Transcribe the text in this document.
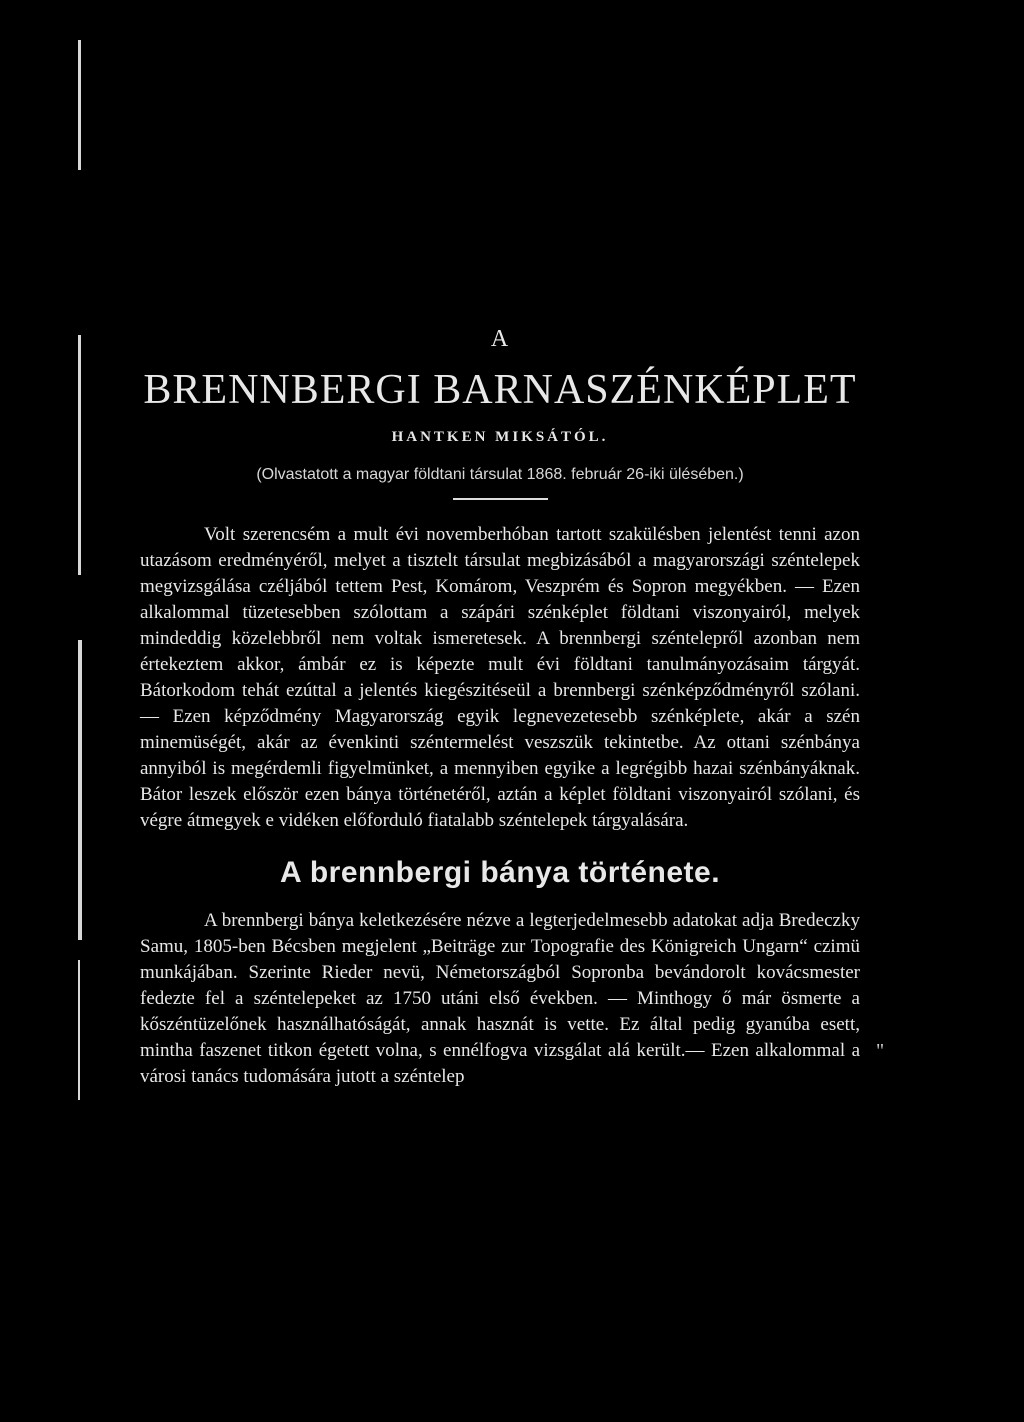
"
A
BRENNBERGI BARNASZÉNKÉPLET
HANTKEN MIKSÁTÓL.
(Olvastatott a magyar földtani társulat 1868. február 26-iki ülésében.)

Volt szerencsém a mult évi novemberhóban tartott szakülésben jelentést tenni azon utazásom eredményéről, melyet a tisztelt társulat megbizásából a magyarországi széntelepek megvizsgálása czéljából tettem Pest, Komárom, Veszprém és Sopron megyékben. — Ezen alkalommal tüzetesebben szólottam a szápári szénképlet földtani viszonyairól, melyek mindeddig közelebbről nem voltak ismeretesek. A brennbergi széntelepről azonban nem értekeztem akkor, ámbár ez is képezte mult évi földtani tanulmányozásaim tárgyát. Bátorkodom tehát ezúttal a jelentés kiegészitéseül a brennbergi szénképződményről szólani. — Ezen képződmény Magyarország egyik legnevezetesebb szénképlete, akár a szén minemüségét, akár az évenkinti széntermelést veszszük tekintetbe. Az ottani szénbánya annyiból is megérdemli figyelmünket, a mennyiben egyike a legrégibb hazai szénbányáknak. Bátor leszek először ezen bánya történetéről, aztán a képlet földtani viszonyairól szólani, és végre átmegyek e vidéken előforduló fiatalabb széntelepek tárgyalására.

A brennbergi bánya története.

A brennbergi bánya keletkezésére nézve a legterjedelmesebb adatokat adja Bredeczky Samu, 1805-ben Bécsben megjelent „Beiträge zur Topografie des Königreich Ungarn“ czimü munkájában. Szerinte Rieder nevü, Németországból Sopronba bevándorolt kovácsmester fedezte fel a széntelepeket az 1750 utáni első években. — Minthogy ő már ösmerte a kőszéntüzelőnek használhatóságát, annak hasznát is vette. Ez által pedig gyanúba esett, mintha faszenet titkon égetett volna, s ennélfogva vizsgálat alá került.— Ezen alkalommal a városi tanács tudomására jutott a széntelep
